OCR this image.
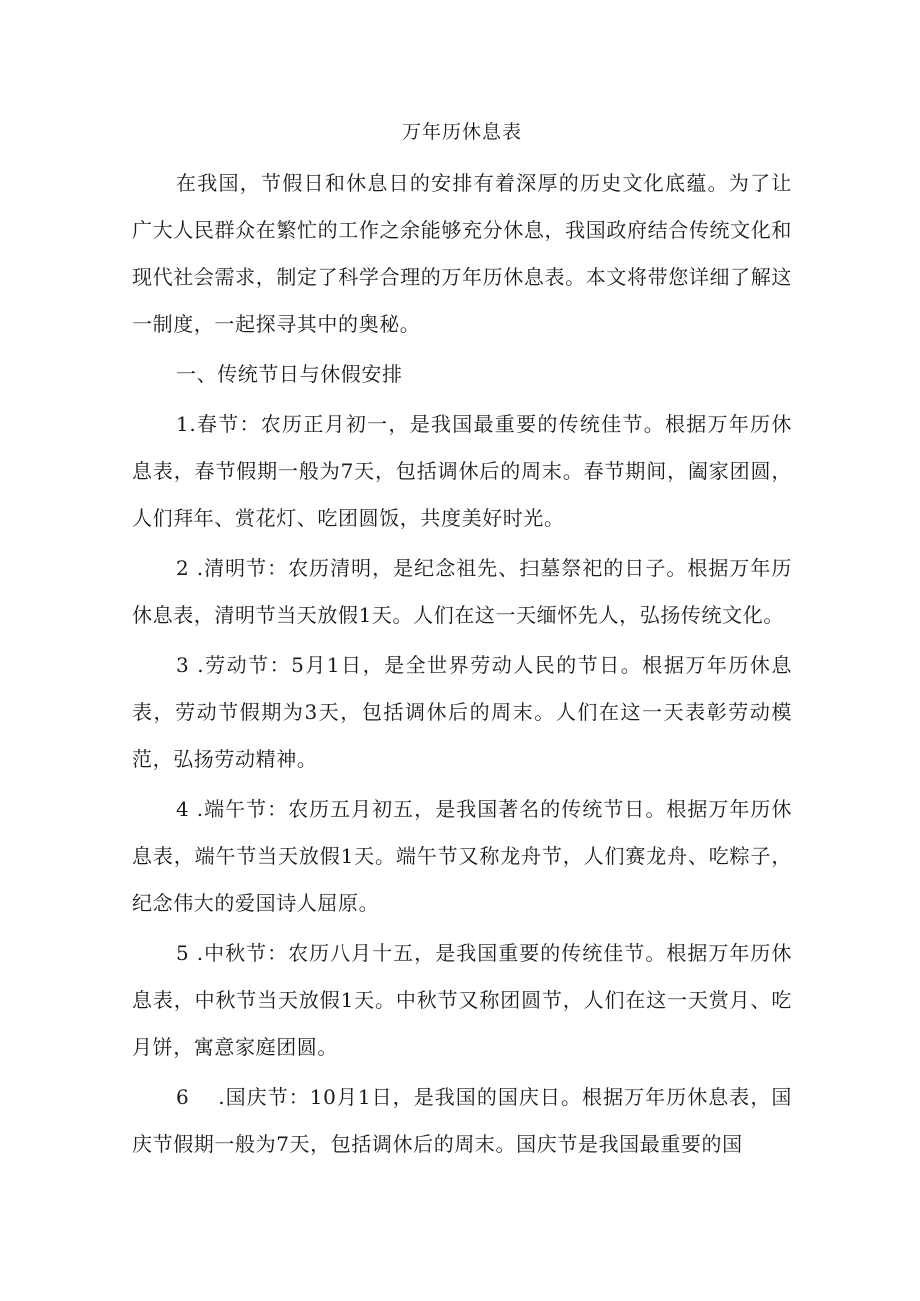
万年历休息表

在我国，节假日和休息日的安排有着深厚的历史文化底蕴。为了让广大人民群众在繁忙的工作之余能够充分休息，我国政府结合传统文化和现代社会需求，制定了科学合理的万年历休息表。本文将带您详细了解这一制度，一起探寻其中的奥秘。

一、传统节日与休假安排

1.春节：农历正月初一，是我国最重要的传统佳节。根据万年历休息表，春节假期一般为7天，包括调休后的周末。春节期间，阖家团圆，人们拜年、赏花灯、吃团圆饭，共度美好时光。

2 .清明节：农历清明，是纪念祖先、扫墓祭祀的日子。根据万年历休息表，清明节当天放假1天。人们在这一天缅怀先人，弘扬传统文化。

3 .劳动节：5月1日，是全世界劳动人民的节日。根据万年历休息表，劳动节假期为3天，包括调休后的周末。人们在这一天表彰劳动模范，弘扬劳动精神。

4 .端午节：农历五月初五，是我国著名的传统节日。根据万年历休息表，端午节当天放假1天。端午节又称龙舟节，人们赛龙舟、吃粽子，纪念伟大的爱国诗人屈原。

5 .中秋节：农历八月十五，是我国重要的传统佳节。根据万年历休息表，中秋节当天放假1天。中秋节又称团圆节，人们在这一天赏月、吃月饼，寓意家庭团圆。

6　 .国庆节：10月1日，是我国的国庆日。根据万年历休息表，国庆节假期一般为7天，包括调休后的周末。国庆节是我国最重要的国
